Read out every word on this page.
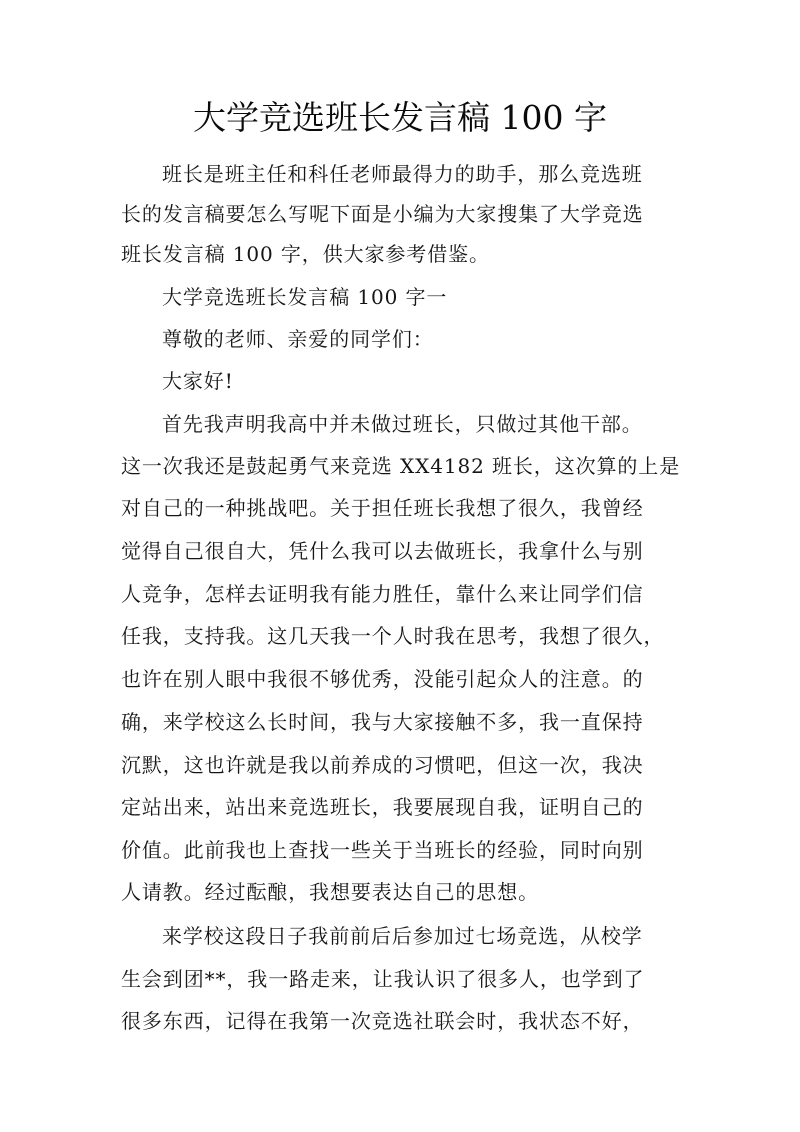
大学竞选班长发言稿 100 字
班长是班主任和科任老师最得力的助手，那么竞选班
长的发言稿要怎么写呢下面是小编为大家搜集了大学竞选
班长发言稿 100 字，供大家参考借鉴。
大学竞选班长发言稿 100 字一
尊敬的老师、亲爱的同学们：
大家好!
首先我声明我高中并未做过班长，只做过其他干部。
这一次我还是鼓起勇气来竞选 XX4182 班长，这次算的上是
对自己的一种挑战吧。关于担任班长我想了很久，我曾经
觉得自己很自大，凭什么我可以去做班长，我拿什么与别
人竞争，怎样去证明我有能力胜任，靠什么来让同学们信
任我，支持我。这几天我一个人时我在思考，我想了很久，
也许在别人眼中我很不够优秀，没能引起众人的注意。的
确，来学校这么长时间，我与大家接触不多，我一直保持
沉默，这也许就是我以前养成的习惯吧，但这一次，我决
定站出来，站出来竞选班长，我要展现自我，证明自己的
价值。此前我也上查找一些关于当班长的经验，同时向别
人请教。经过酝酿，我想要表达自己的思想。
来学校这段日子我前前后后参加过七场竞选，从校学
生会到团**，我一路走来，让我认识了很多人，也学到了
很多东西，记得在我第一次竞选社联会时，我状态不好，
